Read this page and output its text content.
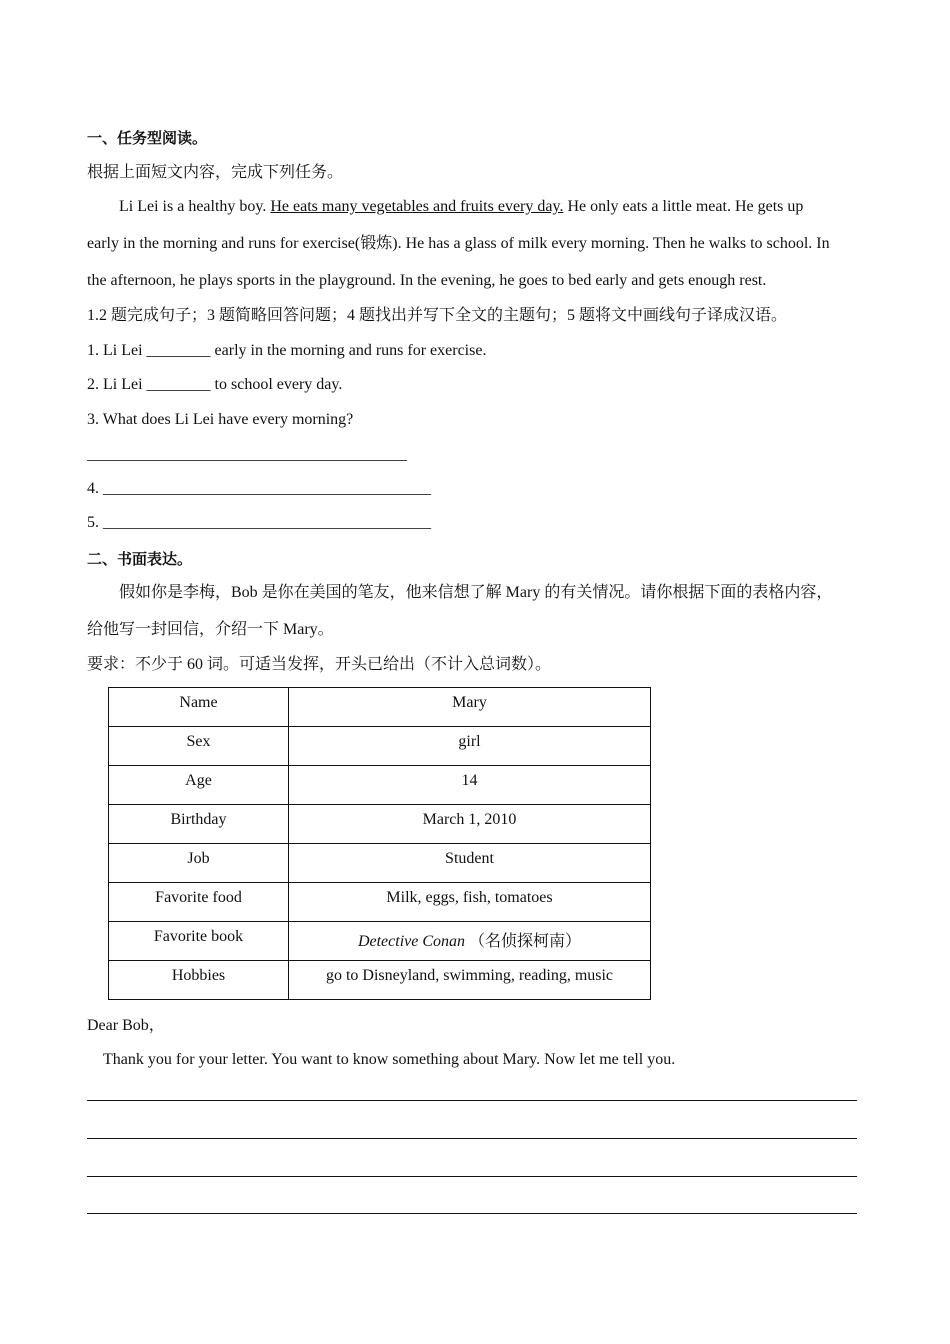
一、任务型阅读。
根据上面短文内容，完成下列任务。
Li Lei is a healthy boy. He eats many vegetables and fruits every day. He only eats a little meat. He gets up
early in the morning and runs for exercise(锻炼). He has a glass of milk every morning. Then he walks to school. In
the afternoon, he plays sports in the playground. In the evening, he goes to bed early and gets enough rest.
1.2 题完成句子；3 题简略回答问题；4 题找出并写下全文的主题句；5 题将文中画线句子译成汉语。
1. Li Lei ________ early in the morning and runs for exercise.
2. Li Lei ________ to school every day.
3. What does Li Lei have every morning?
________________________________________
4. _________________________________________
5. _________________________________________
二、书面表达。
假如你是李梅，Bob 是你在美国的笔友，他来信想了解 Mary 的有关情况。请你根据下面的表格内容，
给他写一封回信，介绍一下 Mary。
要求：不少于 60 词。可适当发挥，开头已给出（不计入总词数）。
Name	Mary
Sex	girl
Age	14
Birthday	March 1, 2010
Job	Student
Favorite food	Milk, eggs, fish, tomatoes
Favorite book	Detective Conan （名侦探柯南）
Hobbies	go to Disneyland, swimming, reading, music
Dear Bob，
Thank you for your letter. You want to know something about Mary. Now let me tell you.
